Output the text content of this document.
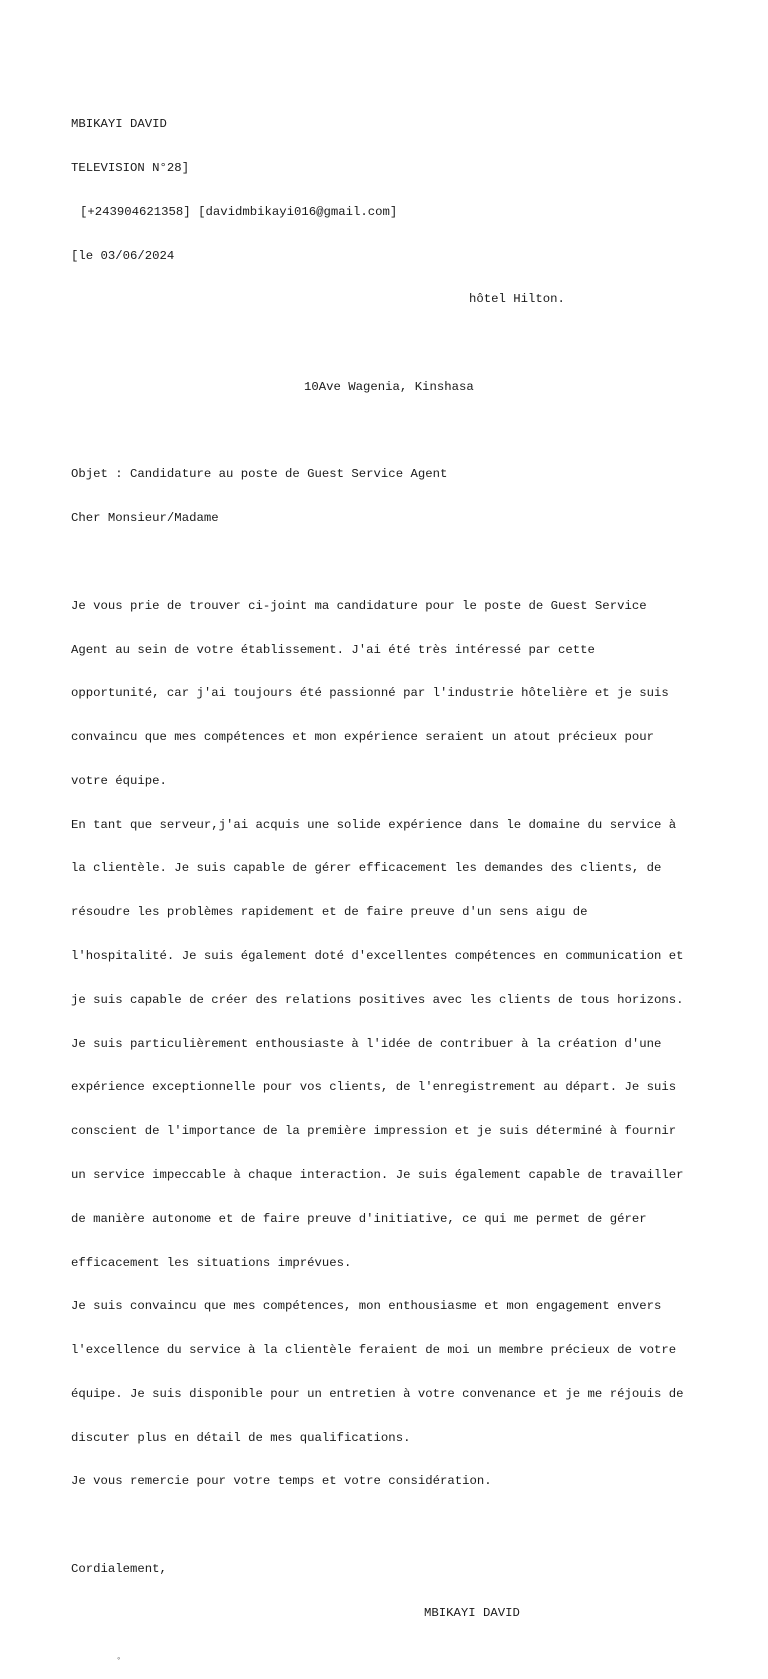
MBIKAYI DAVID

TELEVISION N°28]

[+243904621358] [davidmbikayi016@gmail.com]

[le 03/06/2024

hôtel Hilton.

10Ave Wagenia, Kinshasa

Objet : Candidature au poste de Guest Service Agent

Cher Monsieur/Madame

Je vous prie de trouver ci-joint ma candidature pour le poste de Guest Service

Agent au sein de votre établissement. J'ai été très intéressé par cette

opportunité, car j'ai toujours été passionné par l'industrie hôtelière et je suis

convaincu que mes compétences et mon expérience seraient un atout précieux pour

votre équipe.

En tant que serveur,j'ai acquis une solide expérience dans le domaine du service à

la clientèle. Je suis capable de gérer efficacement les demandes des clients, de

résoudre les problèmes rapidement et de faire preuve d'un sens aigu de

l'hospitalité. Je suis également doté d'excellentes compétences en communication et

je suis capable de créer des relations positives avec les clients de tous horizons.

Je suis particulièrement enthousiaste à l'idée de contribuer à la création d'une

expérience exceptionnelle pour vos clients, de l'enregistrement au départ. Je suis

conscient de l'importance de la première impression et je suis déterminé à fournir

un service impeccable à chaque interaction. Je suis également capable de travailler

de manière autonome et de faire preuve d'initiative, ce qui me permet de gérer

efficacement les situations imprévues.

Je suis convaincu que mes compétences, mon enthousiasme et mon engagement envers

l'excellence du service à la clientèle feraient de moi un membre précieux de votre

équipe. Je suis disponible pour un entretien à votre convenance et je me réjouis de

discuter plus en détail de mes qualifications.

Je vous remercie pour votre temps et votre considération.

Cordialement,

MBIKAYI DAVID

◦
